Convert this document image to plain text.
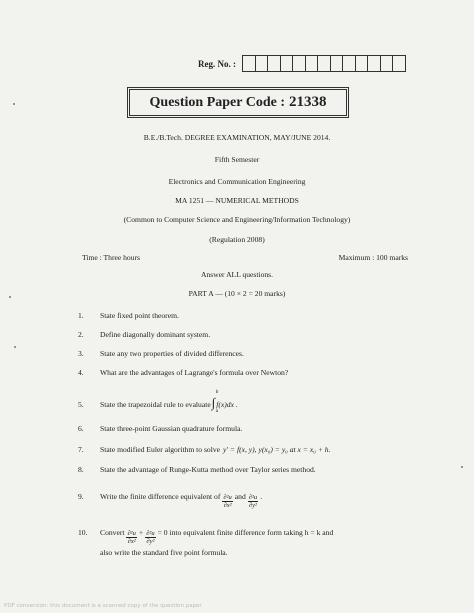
Reg. No. :
Question Paper Code : 21338
B.E./B.Tech. DEGREE EXAMINATION, MAY/JUNE 2014.
Fifth Semester
Electronics and Communication Engineering
MA 1251 — NUMERICAL METHODS
(Common to Computer Science and Engineering/Information Technology)
(Regulation 2008)
Time : Three hours	Maximum : 100 marks
Answer ALL questions.
PART A — (10 × 2 = 20 marks)
1.	State fixed point theorem.
2.	Define diagonally dominant system.
3.	State any two properties of divided differences.
4.	What are the advantages of Lagrange's formula over Newton?
5.	State the trapezoidal rule to evaluate ∫
b
a
f(x)dx .
6.	State three-point Gaussian quadrature formula.
7.	State modified Euler algorithm to solve y′ = f(x, y), y(x₀) = y₀ at x = x₀ + h.
8.	State the advantage of Runge-Kutta method over Taylor series method.
9.	Write the finite difference equivalent of $\frac{\text{∂²u}}{\text{∂x²}}$ and $\frac{\text{∂²u}}{\text{∂y²}}$ .
10.	Convert $\frac{\text{∂²u}}{\text{∂x²}} + \frac{\text{∂²u}}{\text{∂y²}} = 0$ into equivalent finite difference form taking h = k and
also write the standard five point formula.
PDF conversion: this document is a scanned copy of the question paper
